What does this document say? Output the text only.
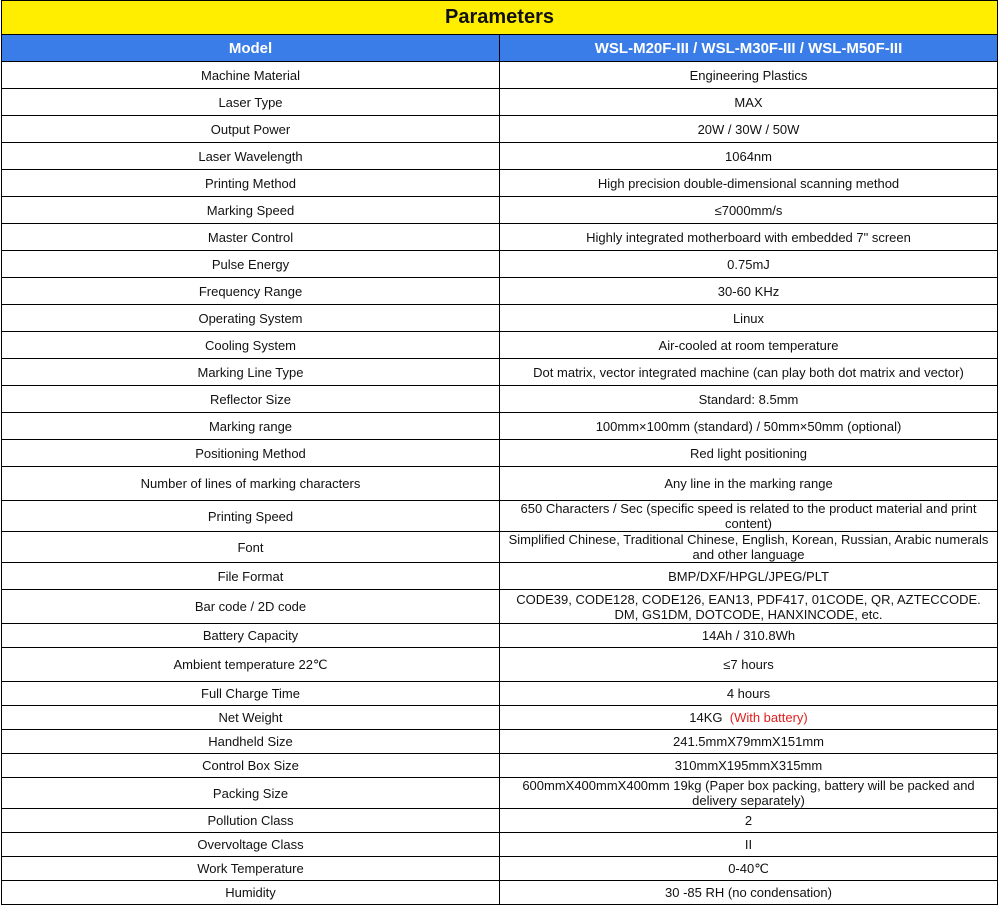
Parameters	
Model	WSL-M20F-III / WSL-M30F-III / WSL-M50F-III
Machine Material	Engineering Plastics
Laser Type	MAX
Output Power	20W / 30W / 50W
Laser Wavelength	1064nm
Printing Method	High precision double-dimensional scanning method
Marking Speed	≤7000mm/s
Master Control	Highly integrated motherboard with embedded 7" screen
Pulse Energy	0.75mJ
Frequency Range	30-60 KHz
Operating System	Linux
Cooling System	Air-cooled at room temperature
Marking Line Type	Dot matrix, vector integrated machine (can play both dot matrix and vector)
Reflector Size	Standard: 8.5mm
Marking range	100mm×100mm (standard) / 50mm×50mm (optional)
Positioning Method	Red light positioning
Number of lines of marking characters	Any line in the marking range
Printing Speed	650 Characters / Sec (specific speed is related to the product material and print content)
Font	Simplified Chinese, Traditional Chinese, English, Korean, Russian, Arabic numerals and other language
File Format	BMP/DXF/HPGL/JPEG/PLT
Bar code / 2D code	CODE39, CODE128, CODE126, EAN13, PDF417, 01CODE, QR, AZTECCODE.
DM, GS1DM, DOTCODE, HANXINCODE, etc.

Battery Capacity	14Ah / 310.8Wh
Ambient temperature 22℃	≤7 hours
Full Charge Time	4 hours
Net Weight	14KG (With battery)
Handheld Size	241.5mmX79mmX151mm
Control Box Size	310mmX195mmX315mm
Packing Size	600mmX400mmX400mm 19kg (Paper box packing, battery will be packed and delivery separately)
Pollution Class	2
Overvoltage Class	II
Work Temperature	0-40℃
Humidity	30 -85 RH (no condensation)
